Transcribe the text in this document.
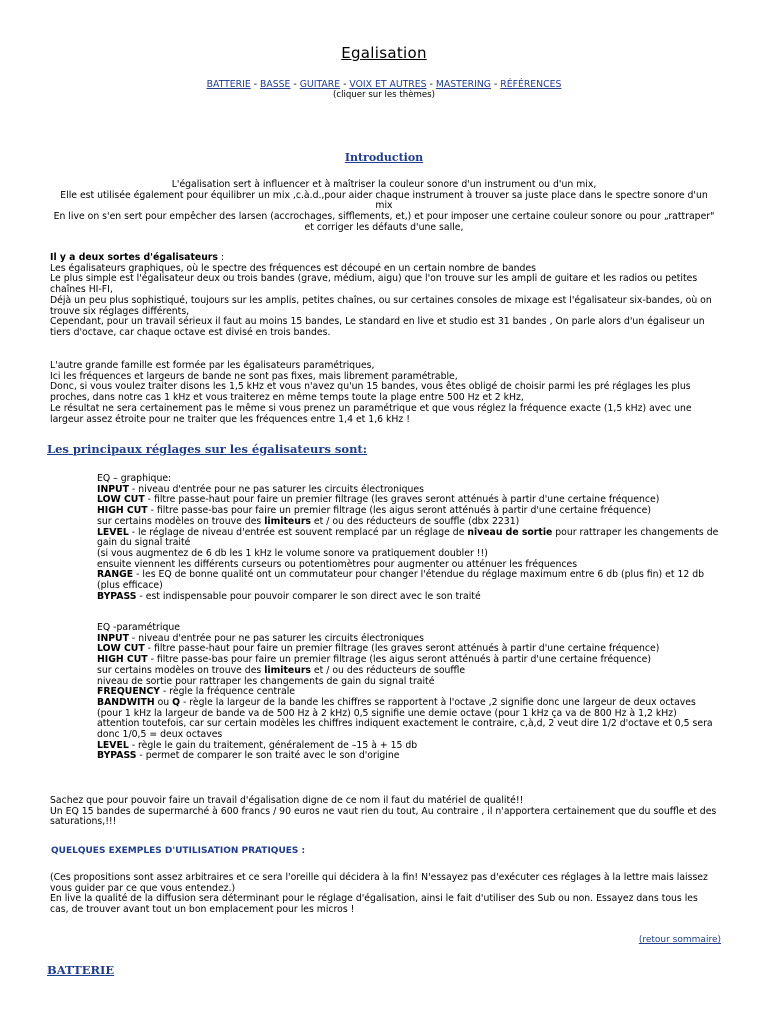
Egalisation
BATTERIE - BASSE - GUITARE - VOIX ET AUTRES - MASTERING - RÉFÉRENCES
(cliquer sur les thèmes)
Introduction

L'égalisation sert à influencer et à maîtriser la couleur sonore d'un instrument ou d'un mix,

Elle est utilisée également pour équilibrer un mix ,c.à.d.,pour aider chaque instrument à trouver sa juste place dans le spectre sonore d'un mix

En live on s'en sert pour empêcher des larsen (accrochages, sifflements, et,) et pour imposer une certaine couleur sonore ou pour „rattraper" et corriger les défauts d'une salle,

Il y a deux sortes d'égalisateurs :

Les égalisateurs graphiques, où le spectre des fréquences est découpé en un certain nombre de bandes

Le plus simple est l'égalisateur deux ou trois bandes (grave, médium, aigu) que l'on trouve sur les ampli de guitare et les radios ou petites chaînes HI-FI,

Déjà un peu plus sophistiqué, toujours sur les amplis, petites chaînes, ou sur certaines consoles de mixage est l'égalisateur six-bandes, où on trouve six réglages différents,

Cependant, pour un travail sérieux il faut au moins 15 bandes, Le standard en live et studio est 31 bandes , On parle alors d'un égaliseur un tiers d'octave, car chaque octave est divisé en trois bandes.

L'autre grande famille est formée par les égalisateurs paramétriques,

Ici les fréquences et largeurs de bande ne sont pas fixes, mais librement paramétrable,

Donc, si vous voulez traiter disons les 1,5 kHz et vous n'avez qu'un 15 bandes, vous êtes obligé de choisir parmi les pré réglages les plus proches, dans notre cas 1 kHz et vous traiterez en même temps toute la plage entre 500 Hz et 2 kHz,

Le résultat ne sera certainement pas le même si vous prenez un paramétrique et que vous réglez la fréquence exacte (1,5 kHz) avec une largeur assez étroite pour ne traiter que les fréquences entre 1,4 et 1,6 kHz !

Les principaux réglages sur les égalisateurs sont:

EQ – graphique:

INPUT - niveau d'entrée pour ne pas saturer les circuits électroniques

LOW CUT - filtre passe-haut pour faire un premier filtrage (les graves seront atténués à partir d'une certaine fréquence)

HIGH CUT - filtre passe-bas pour faire un premier filtrage (les aigus seront atténués à partir d'une certaine fréquence)

sur certains modèles on trouve des limiteurs et / ou des réducteurs de souffle (dbx 2231)

LEVEL - le réglage de niveau d'entrée est souvent remplacé par un réglage de niveau de sortie pour rattraper les changements de gain du signal traité

(si vous augmentez de 6 db les 1 kHz le volume sonore va pratiquement doubler !!)

ensuite viennent les différents curseurs ou potentiomètres pour augmenter ou atténuer les fréquences

RANGE - les EQ de bonne qualité ont un commutateur pour changer l'étendue du réglage maximum entre 6 db (plus fin) et 12 db (plus efficace)

BYPASS - est indispensable pour pouvoir comparer le son direct avec le son traité

EQ -paramétrique

INPUT - niveau d'entrée pour ne pas saturer les circuits électroniques

LOW CUT - filtre passe-haut pour faire un premier filtrage (les graves seront atténués à partir d'une certaine fréquence)

HIGH CUT - filtre passe-bas pour faire un premier filtrage (les aigus seront atténués à partir d'une certaine fréquence)

sur certains modèles on trouve des limiteurs et / ou des réducteurs de souffle

niveau de sortie pour rattraper les changements de gain du signal traité

FREQUENCY - règle la fréquence centrale

BANDWITH ou Q - règle la largeur de la bande les chiffres se rapportent à l'octave ,2 signifie donc une largeur de deux octaves (pour 1 kHz la largeur de bande va de 500 Hz à 2 kHz) 0,5 signifie une demie octave (pour 1 kHz ça va de 800 Hz à 1,2 kHz)

attention toutefois, car sur certain modèles les chiffres indiquent exactement le contraire, c,à,d, 2 veut dire 1/2 d'octave et 0,5 sera donc 1/0,5 = deux octaves

LEVEL - règle le gain du traitement, généralement de –15 à + 15 db

BYPASS - permet de comparer le son traité avec le son d'origine

Sachez que pour pouvoir faire un travail d'égalisation digne de ce nom il faut du matériel de qualité!!

Un EQ 15 bandes de supermarché à 600 francs / 90 euros ne vaut rien du tout, Au contraire , il n'apportera certainement que du souffle et des saturations,!!!

QUELQUES EXEMPLES D'UTILISATION PRATIQUES :

(Ces propositions sont assez arbitraires et ce sera l'oreille qui décidera à la fin! N'essayez pas d'exécuter ces réglages à la lettre mais laissez vous guider par ce que vous entendez.)

En live la qualité de la diffusion sera déterminant pour le réglage d'égalisation, ainsi le fait d'utiliser des Sub ou non. Essayez dans tous les cas, de trouver avant tout un bon emplacement pour les micros !

(retour sommaire)
BATTERIE
